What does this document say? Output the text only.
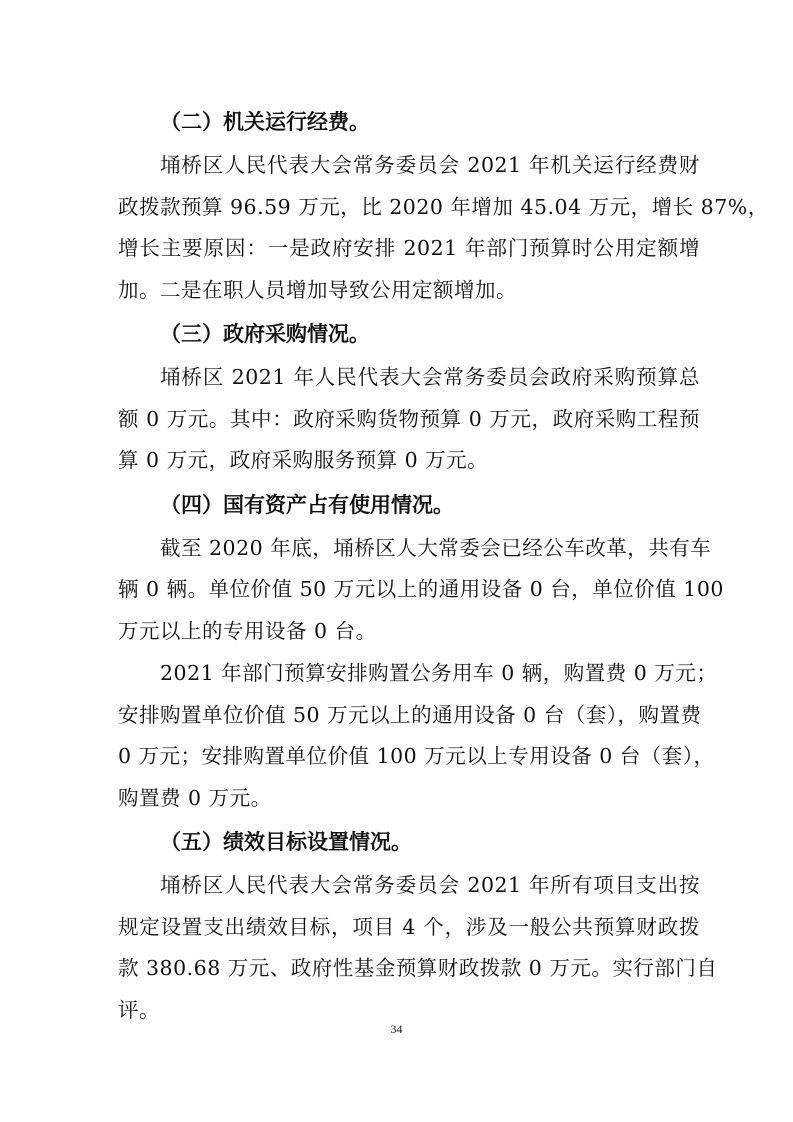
（二）机关运行经费。
埇桥区人民代表大会常务委员会 2021 年机关运行经费财
政拨款预算 96.59 万元，比 2020 年增加 45.04 万元，增长 87%，
增长主要原因：一是政府安排 2021 年部门预算时公用定额增
加。二是在职人员增加导致公用定额增加。
（三）政府采购情况。
埇桥区 2021 年人民代表大会常务委员会政府采购预算总
额 0 万元。其中：政府采购货物预算 0 万元，政府采购工程预
算 0 万元，政府采购服务预算 0 万元。
（四）国有资产占有使用情况。
截至 2020 年底，埇桥区人大常委会已经公车改革，共有车
辆 0 辆。单位价值 50 万元以上的通用设备 0 台，单位价值 100
万元以上的专用设备 0 台。
2021 年部门预算安排购置公务用车 0 辆，购置费 0 万元；
安排购置单位价值 50 万元以上的通用设备 0 台（套），购置费
0 万元；安排购置单位价值 100 万元以上专用设备 0 台（套），
购置费 0 万元。
（五）绩效目标设置情况。
埇桥区人民代表大会常务委员会 2021 年所有项目支出按
规定设置支出绩效目标，项目 4 个，涉及一般公共预算财政拨
款 380.68 万元、政府性基金预算财政拨款 0 万元。实行部门自
评。
34
